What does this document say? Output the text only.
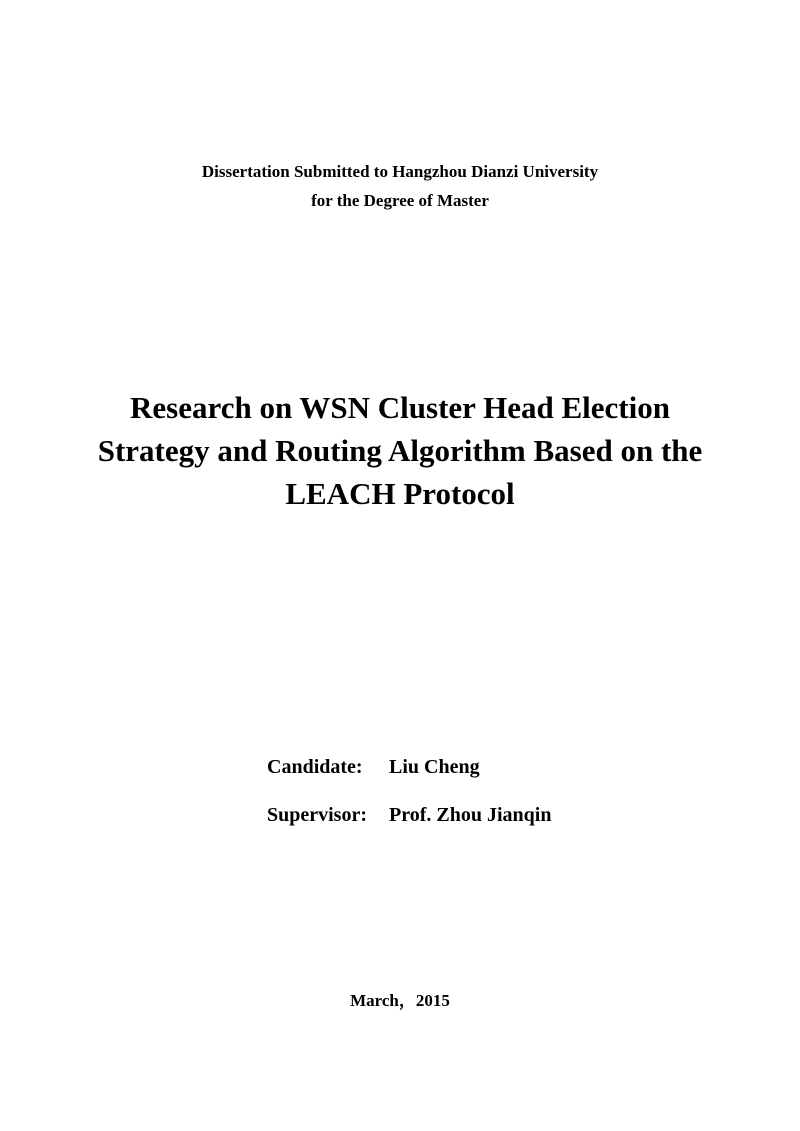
Dissertation Submitted to Hangzhou Dianzi University
for the Degree of Master
Research on WSN Cluster Head Election
Strategy and Routing Algorithm Based on the
LEACH Protocol
Candidate: Liu Cheng
Supervisor: Prof. Zhou Jianqin
March，2015
